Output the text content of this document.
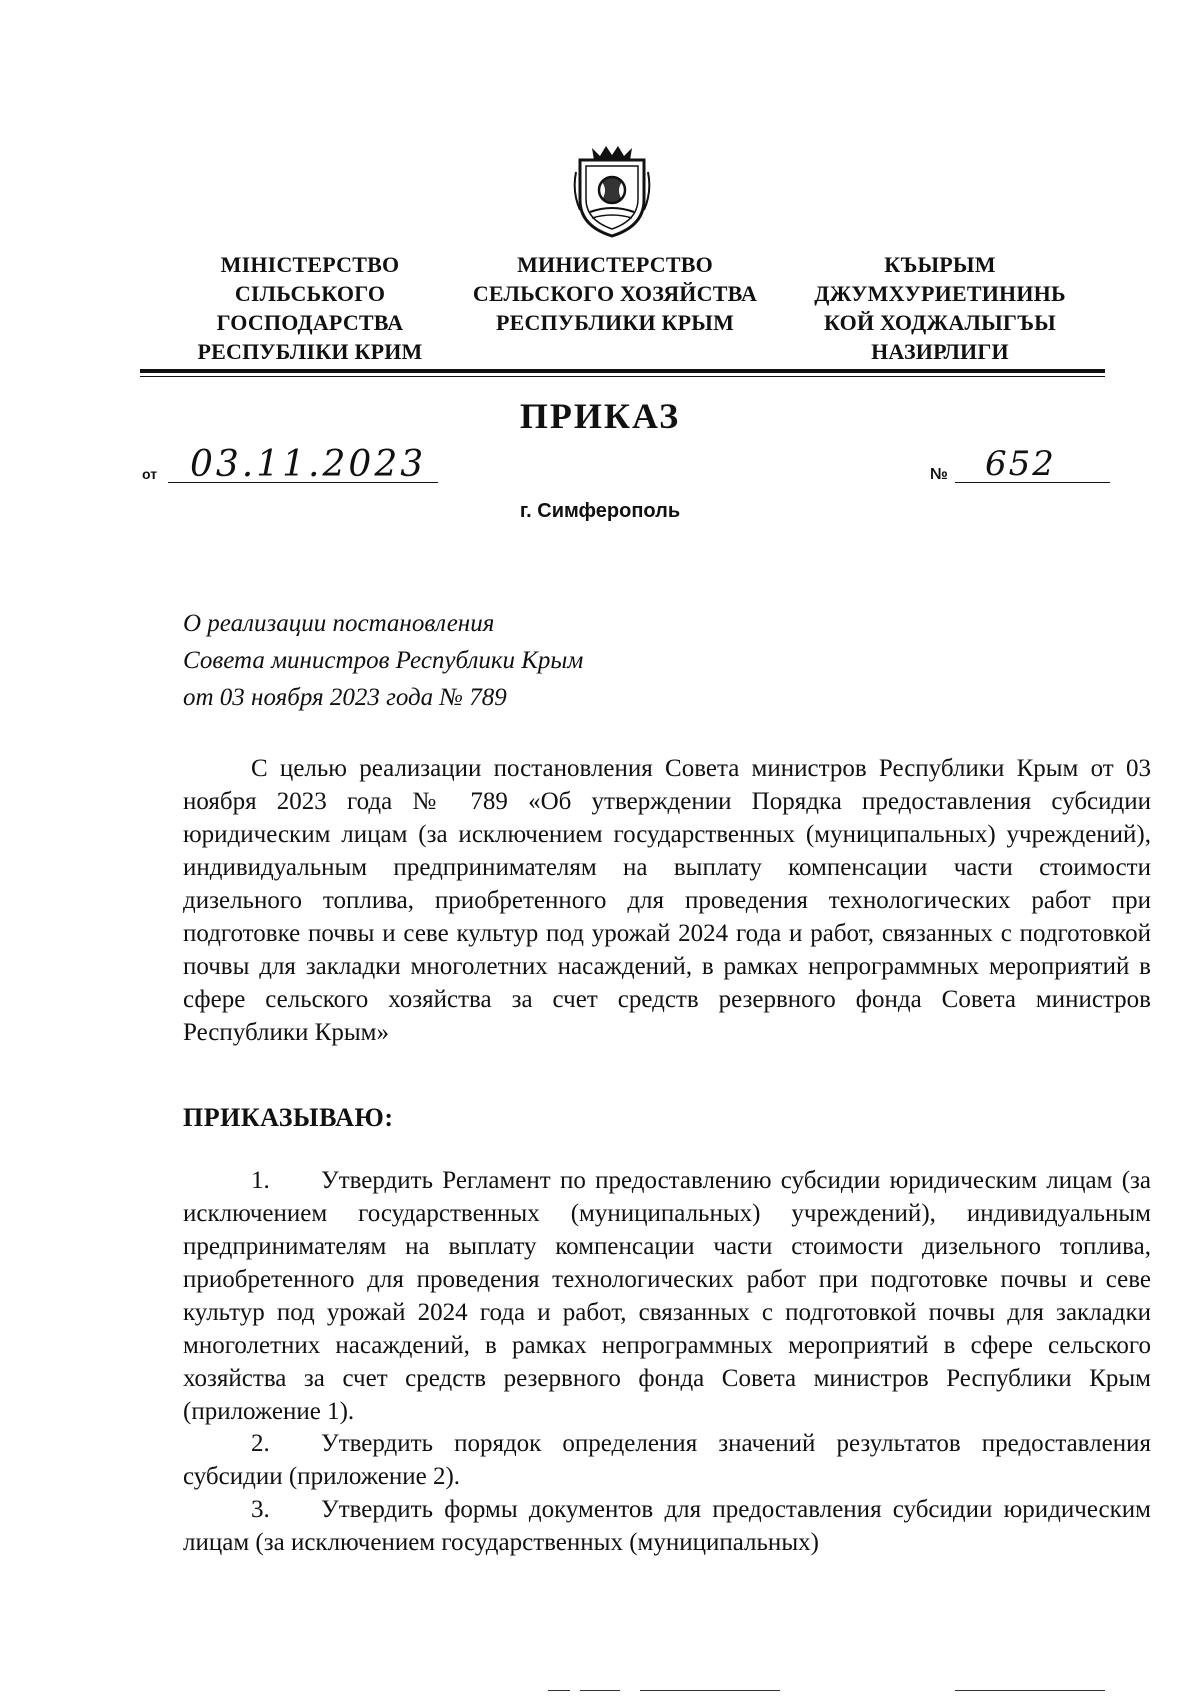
МІНІСТЕРСТВО
СІЛЬСЬКОГО
ГОСПОДАРСТВА
РЕСПУБЛІКИ КРИМ
МИНИСТЕРСТВО
СЕЛЬСКОГО ХОЗЯЙСТВА
РЕСПУБЛИКИ КРЫМ
КЪЫРЫМ
ДЖУМХУРИЕТИНИНЬ
КОЙ ХОДЖАЛЫГЪЫ
НАЗИРЛИГИ
ПРИКАЗ
от 03.11.2023	№ 652
г. Симферополь
О реализации постановления
Совета министров Республики Крым
от 03 ноября 2023 года № 789
С целью реализации постановления Совета министров Республики Крым от 03 ноября 2023 года № 789 «Об утверждении Порядка предоставления субсидии юридическим лицам (за исключением государственных (муниципальных) учреждений), индивидуальным предпринимателям на выплату компенсации части стоимости дизельного топлива, приобретенного для проведения технологических работ при подготовке почвы и севе культур под урожай 2024 года и работ, связанных с подготовкой почвы для закладки многолетних насаждений, в рамках непрограммных мероприятий в сфере сельского хозяйства за счет средств резервного фонда Совета министров Республики Крым»
ПРИКАЗЫВАЮ:
1. Утвердить Регламент по предоставлению субсидии юридическим лицам (за исключением государственных (муниципальных) учреждений), индивидуальным предпринимателям на выплату компенсации части стоимости дизельного топлива, приобретенного для проведения технологических работ при подготовке почвы и севе культур под урожай 2024 года и работ, связанных с подготовкой почвы для закладки многолетних насаждений, в рамках непрограммных мероприятий в сфере сельского хозяйства за счет средств резервного фонда Совета министров Республики Крым (приложение 1).
2. Утвердить порядок определения значений результатов предоставления субсидии (приложение 2).
3. Утвердить формы документов для предоставления субсидии юридическим лицам (за исключением государственных (муниципальных)
